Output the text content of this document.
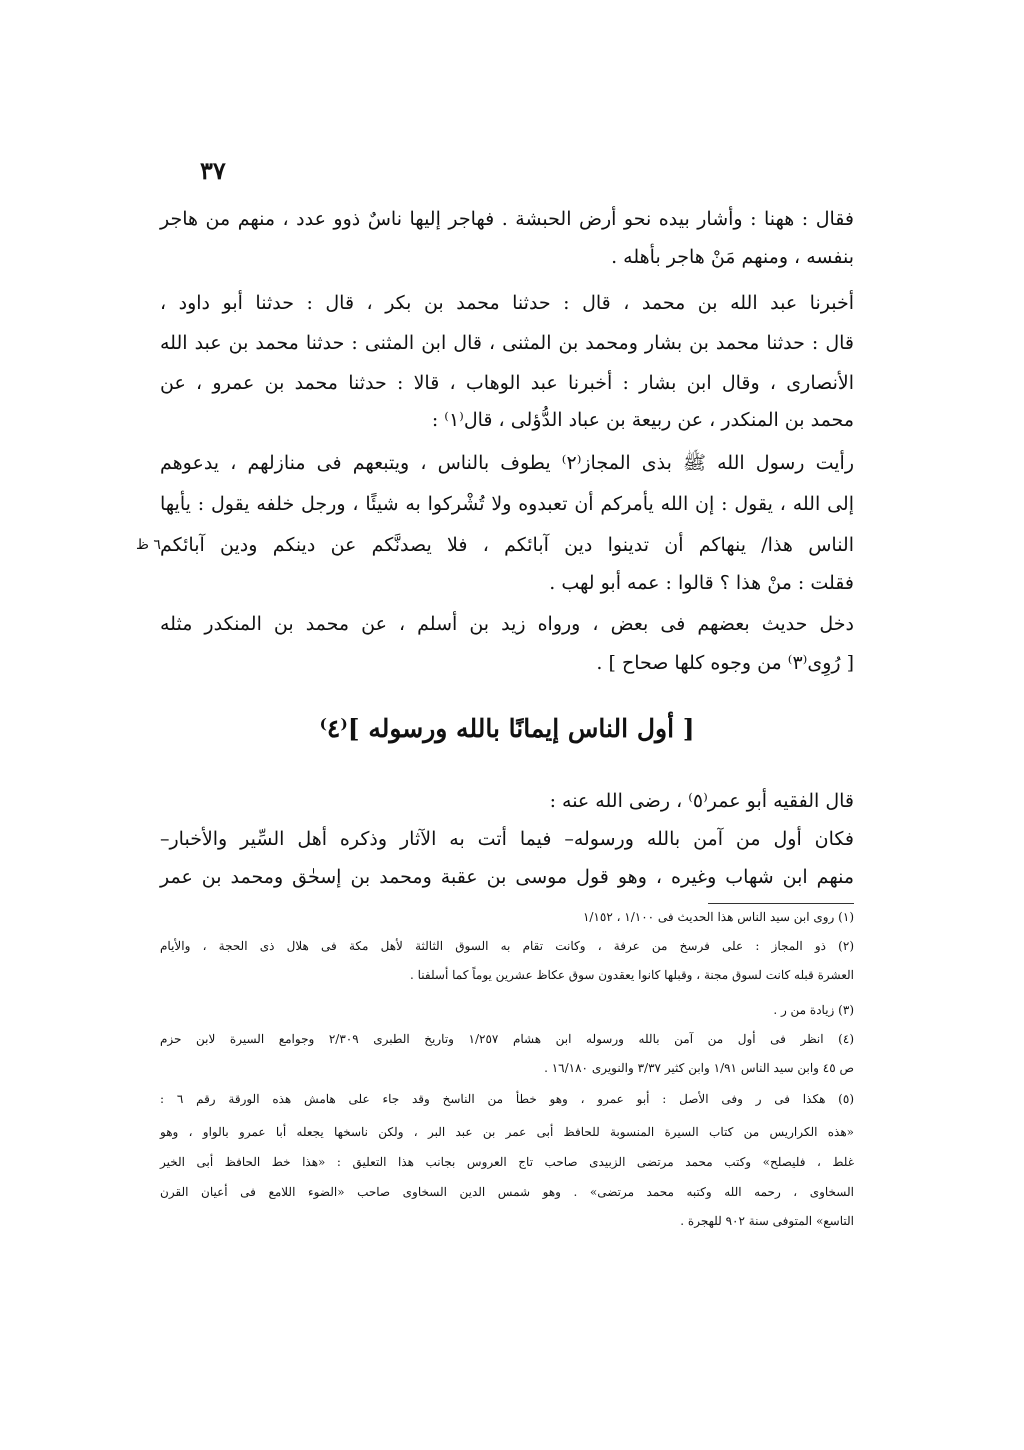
٣٧
٦ ظ
فقال : ههنا : وأشار بيده نحو أرض الحبشة . فهاجر إليها ناسٌ ذوو عدد ، منهم من هاجر
بنفسه ، ومنهم مَنْ هاجر بأهله .
أخبرنا عبد الله بن محمد ، قال : حدثنا محمد بن بكر ، قال : حدثنا أبو داود ،
قال : حدثنا محمد بن بشار ومحمد بن المثنى ، قال ابن المثنى : حدثنا محمد بن عبد الله
الأنصارى ، وقال ابن بشار : أخبرنا عبد الوهاب ، قالا : حدثنا محمد بن عمرو ، عن
محمد بن المنكدر ، عن ربيعة بن عباد الدُّؤلى ، قال⁽١⁾ :
رأيت رسول الله ﷺ بذى المجاز⁽٢⁾ يطوف بالناس ، ويتبعهم فى منازلهم ، يدعوهم
إلى الله ، يقول : إن الله يأمركم أن تعبدوه ولا تُشْركوا به شيئًا ، ورجل خلفه يقول : يأيها
الناس هذا/ ينهاكم أن تدينوا دين آبائكم ، فلا يصدنَّكم عن دينكم ودين آبائكم
فقلت : منْ هذا ؟ قالوا : عمه أبو لهب .
دخل حديث بعضهم فى بعض ، ورواه زيد بن أسلم ، عن محمد بن المنكدر مثله
[ رُوِى⁽٣⁾ من وجوه كلها صحاح ] .
[ أول الناس إيمانًا بالله ورسوله ]⁽٤⁾
قال الفقيه أبو عمر⁽٥⁾ ، رضى الله عنه :
فكان أول من آمن بالله ورسوله– فيما أتت به الآثار وذكره أهل السِّير والأخبار–
منهم ابن شهاب وغيره ، وهو قول موسى بن عقبة ومحمد بن إسحٰق ومحمد بن عمر
(١) روى ابن سيد الناس هذا الحديث فى ١/١٠٠ ، ١/١٥٢
(٢) ذو المجاز : على فرسخ من عرفة ، وكانت تقام به السوق الثالثة لأهل مكة فى هلال ذى الحجة ، والأيام
العشرة قبله كانت لسوق مجنة ، وقبلها كانوا يعقدون سوق عكاظ عشرين يوماً كما أسلفنا .
(٣) زيادة من ر .
(٤) انظر فى أول من آمن بالله ورسوله ابن هشام ١/٢٥٧ وتاريخ الطبرى ٢/٣٠٩ وجوامع السيرة لابن حزم
ص ٤٥ وابن سيد الناس ١/٩١ وابن كثير ٣/٣٧ والنويرى ١٦/١٨٠ .
(٥) هكذا فى ر وفى الأصل : أبو عمرو ، وهو خطأ من الناسخ وقد جاء على هامش هذه الورقة رقم ٦ :
«هذه الكراريس من كتاب السيرة المنسوبة للحافظ أبى عمر بن عبد البر ، ولكن ناسخها يجعله أبا عمرو بالواو ، وهو
غلط ، فليصلح» وكتب محمد مرتضى الزبيدى صاحب تاج العروس بجانب هذا التعليق : «هذا خط الحافظ أبى الخير
السخاوى ، رحمه الله وكتبه محمد مرتضى» . وهو شمس الدين السخاوى صاحب «الضوء اللامع فى أعيان القرن
التاسع» المتوفى سنة ٩٠٢ للهجرة .
